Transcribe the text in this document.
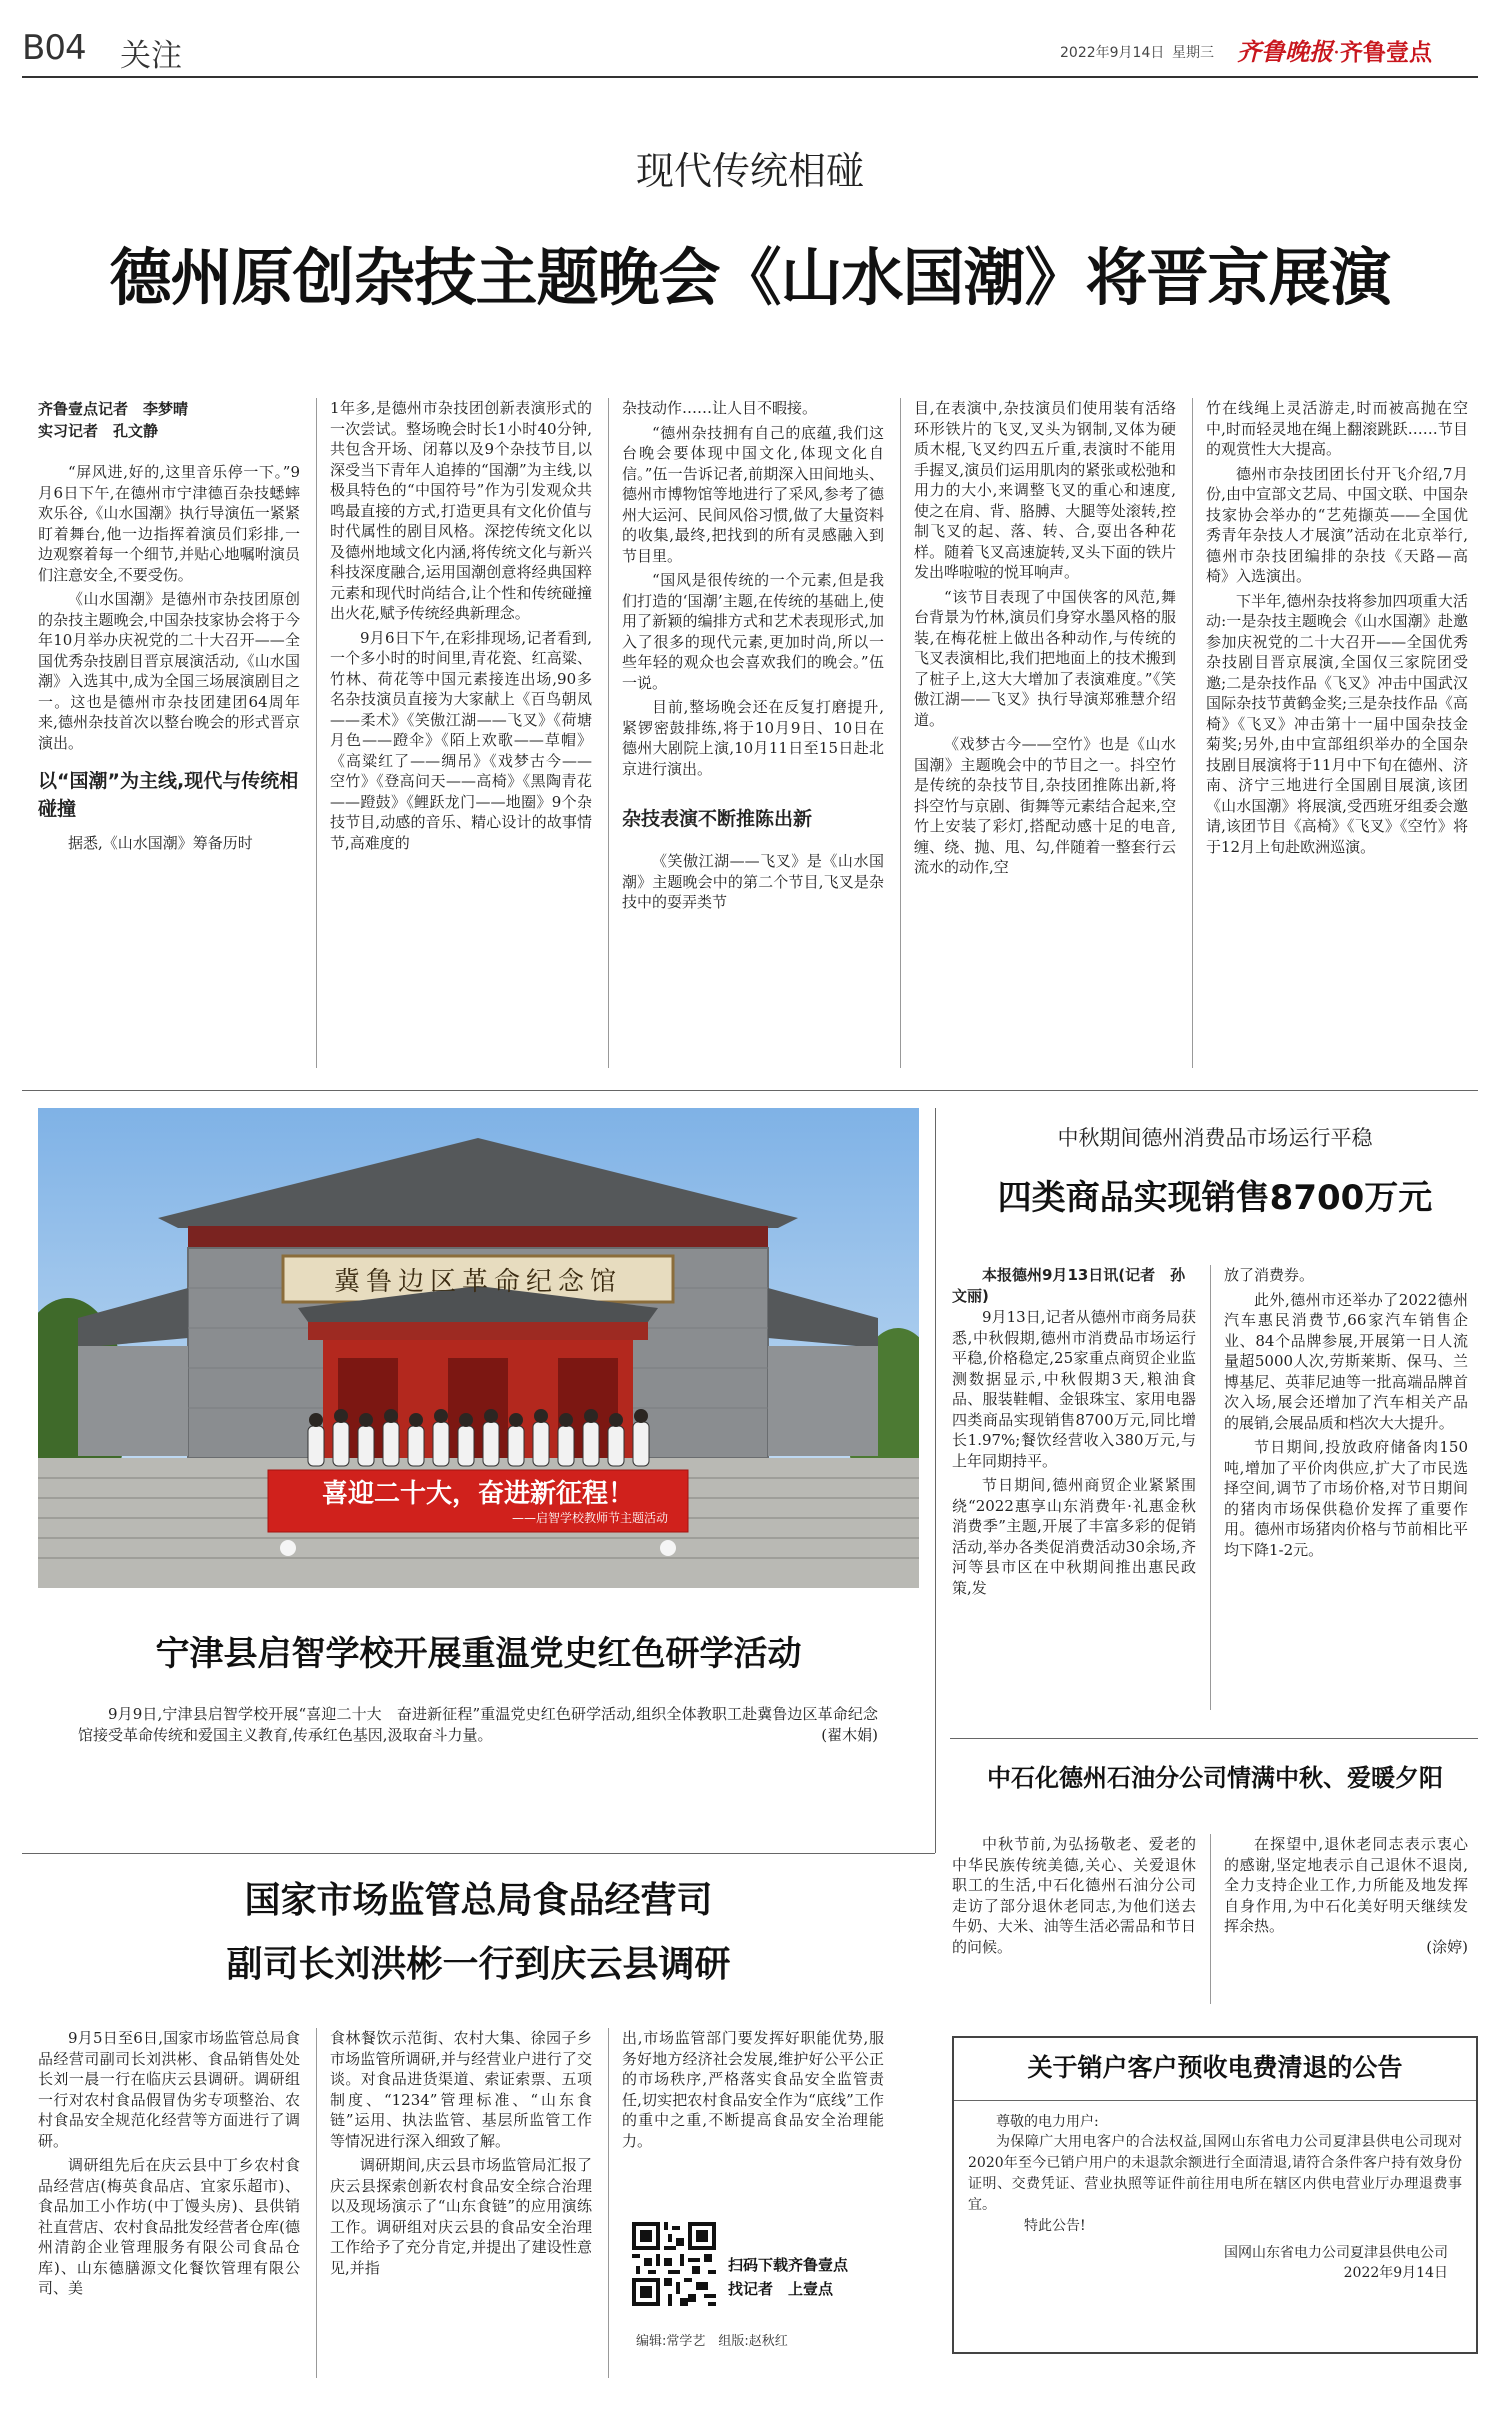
B04 关注	2022年9月14日 星期三 齐鲁晚报·齐鲁壹点
现代传统相碰
德州原创杂技主题晚会《山水国潮》将晋京展演
齐鲁壹点记者　李梦晴
实习记者　孔文静

“屏风进,好的,这里音乐停一下。”9月6日下午,在德州市宁津德百杂技蟋蟀欢乐谷,《山水国潮》执行导演伍一紧紧盯着舞台,他一边指挥着演员们彩排,一边观察着每一个细节,并贴心地嘱咐演员们注意安全,不要受伤。

《山水国潮》是德州市杂技团原创的杂技主题晚会,中国杂技家协会将于今年10月举办庆祝党的二十大召开——全国优秀杂技剧目晋京展演活动,《山水国潮》入选其中,成为全国三场展演剧目之一。这也是德州市杂技团建团64周年来,德州杂技首次以整台晚会的形式晋京演出。

以“国潮”为主线,现代与传统相碰撞

据悉,《山水国潮》筹备历时

1年多,是德州市杂技团创新表演形式的一次尝试。整场晚会时长1小时40分钟,共包含开场、闭幕以及9个杂技节目,以深受当下青年人追捧的“国潮”为主线,以极具特色的“中国符号”作为引发观众共鸣最直接的方式,打造更具有文化价值与时代属性的剧目风格。深挖传统文化以及德州地域文化内涵,将传统文化与新兴科技深度融合,运用国潮创意将经典国粹元素和现代时尚结合,让个性和传统碰撞出火花,赋予传统经典新理念。

9月6日下午,在彩排现场,记者看到,一个多小时的时间里,青花瓷、红高粱、竹林、荷花等中国元素接连出场,90多名杂技演员直接为大家献上《百鸟朝凤——柔术》《笑傲江湖——飞叉》《荷塘月色——蹬伞》《陌上欢歌——草帽》《高粱红了——绸吊》《戏梦古今——空竹》《登高问天——高椅》《黑陶青花——蹬鼓》《鲤跃龙门——地圈》9个杂技节目,动感的音乐、精心设计的故事情节,高难度的

杂技动作……让人目不暇接。

“德州杂技拥有自己的底蕴,我们这台晚会要体现中国文化,体现文化自信。”伍一告诉记者,前期深入田间地头、德州市博物馆等地进行了采风,参考了德州大运河、民间风俗习惯,做了大量资料的收集,最终,把找到的所有灵感融入到节目里。

“国风是很传统的一个元素,但是我们打造的‘国潮’主题,在传统的基础上,使用了新颖的编排方式和艺术表现形式,加入了很多的现代元素,更加时尚,所以一些年轻的观众也会喜欢我们的晚会。”伍一说。

目前,整场晚会还在反复打磨提升,紧锣密鼓排练,将于10月9日、10日在德州大剧院上演,10月11日至15日赴北京进行演出。

杂技表演不断推陈出新

《笑傲江湖——飞叉》是《山水国潮》主题晚会中的第二个节目,飞叉是杂技中的耍弄类节

目,在表演中,杂技演员们使用装有活络环形铁片的飞叉,叉头为钢制,叉体为硬质木棍,飞叉约四五斤重,表演时不能用手握叉,演员们运用肌肉的紧张或松弛和用力的大小,来调整飞叉的重心和速度,使之在肩、背、胳膊、大腿等处滚转,控制飞叉的起、落、转、合,耍出各种花样。随着飞叉高速旋转,叉头下面的铁片发出哗啦啦的悦耳响声。

“该节目表现了中国侠客的风范,舞台背景为竹林,演员们身穿水墨风格的服装,在梅花桩上做出各种动作,与传统的飞叉表演相比,我们把地面上的技术搬到了桩子上,这大大增加了表演难度。”《笑傲江湖——飞叉》执行导演郑雅慧介绍道。

《戏梦古今——空竹》也是《山水国潮》主题晚会中的节目之一。抖空竹是传统的杂技节目,杂技团推陈出新,将抖空竹与京剧、街舞等元素结合起来,空竹上安装了彩灯,搭配动感十足的电音,缠、绕、抛、甩、勾,伴随着一整套行云流水的动作,空

竹在线绳上灵活游走,时而被高抛在空中,时而轻灵地在绳上翻滚跳跃……节目的观赏性大大提高。

德州市杂技团团长付开飞介绍,7月份,由中宣部文艺局、中国文联、中国杂技家协会举办的“艺苑撷英——全国优秀青年杂技人才展演”活动在北京举行,德州市杂技团编排的杂技《天路—高椅》入选演出。

下半年,德州杂技将参加四项重大活动:一是杂技主题晚会《山水国潮》赴邀参加庆祝党的二十大召开——全国优秀杂技剧目晋京展演,全国仅三家院团受邀;二是杂技作品《飞叉》冲击中国武汉国际杂技节黄鹤金奖;三是杂技作品《高椅》《飞叉》冲击第十一届中国杂技金菊奖;另外,由中宣部组织举办的全国杂技剧目展演将于11月中下旬在德州、济南、济宁三地进行全国剧目展演,该团《山水国潮》将展演,受西班牙组委会邀请,该团节目《高椅》《飞叉》《空竹》将于12月上旬赴欧洲巡演。

冀鲁边区革命纪念馆
喜迎二十大，奋进新征程！
——启智学校教师节主题活动
宁津县启智学校开展重温党史红色研学活动

9月9日,宁津县启智学校开展“喜迎二十大　奋进新征程”重温党史红色研学活动,组织全体教职工赴冀鲁边区革命纪念馆接受革命传统和爱国主义教育,传承红色基因,汲取奋斗力量。	(翟木娟)
中秋期间德州消费品市场运行平稳
四类商品实现销售8700万元
本报德州9月13日讯(记者　孙文丽)

9月13日,记者从德州市商务局获悉,中秋假期,德州市消费品市场运行平稳,价格稳定,25家重点商贸企业监测数据显示,中秋假期3天,粮油食品、服装鞋帽、金银珠宝、家用电器四类商品实现销售8700万元,同比增长1.97%;餐饮经营收入380万元,与上年同期持平。

节日期间,德州商贸企业紧紧围绕“2022惠享山东消费年·礼惠金秋消费季”主题,开展了丰富多彩的促销活动,举办各类促消费活动30余场,齐河等县市区在中秋期间推出惠民政策,发

放了消费券。

此外,德州市还举办了2022德州汽车惠民消费节,66家汽车销售企业、84个品牌参展,开展第一日人流量超5000人次,劳斯莱斯、保马、兰博基尼、英菲尼迪等一批高端品牌首次入场,展会还增加了汽车相关产品的展销,会展品质和档次大大提升。

节日期间,投放政府储备肉150吨,增加了平价肉供应,扩大了市民选择空间,调节了市场价格,对节日期间的猪肉市场保供稳价发挥了重要作用。德州市场猪肉价格与节前相比平均下降1-2元。

中石化德州石油分公司情满中秋、爱暖夕阳

中秋节前,为弘扬敬老、爱老的中华民族传统美德,关心、关爱退休职工的生活,中石化德州石油分公司走访了部分退休老同志,为他们送去牛奶、大米、油等生活必需品和节日的问候。

在探望中,退休老同志表示衷心的感谢,坚定地表示自己退休不退岗,全力支持企业工作,力所能及地发挥自身作用,为中石化美好明天继续发挥余热。

(涂婷)
国家市场监管总局食品经营司
副司长刘洪彬一行到庆云县调研

9月5日至6日,国家市场监管总局食品经营司副司长刘洪彬、食品销售处处长刘一晨一行在临庆云县调研。调研组一行对农村食品假冒伪劣专项整治、农村食品安全规范化经营等方面进行了调研。

调研组先后在庆云县中丁乡农村食品经营店(梅英食品店、宜家乐超市)、食品加工小作坊(中丁馒头房)、县供销社直营店、农村食品批发经营者仓库(德州清韵企业管理服务有限公司食品仓库)、山东德膳源文化餐饮管理有限公司、美

食林餐饮示范街、农村大集、徐园子乡市场监管所调研,并与经营业户进行了交谈。对食品进货渠道、索证索票、五项制度、“1234”管理标准、“山东食链”运用、执法监管、基层所监管工作等情况进行深入细致了解。

调研期间,庆云县市场监管局汇报了庆云县探索创新农村食品安全综合治理以及现场演示了“山东食链”的应用演练工作。调研组对庆云县的食品安全治理工作给予了充分肯定,并提出了建设性意见,并指

出,市场监管部门要发挥好职能优势,服务好地方经济社会发展,维护好公平公正的市场秩序,严格落实食品安全监管责任,切实把农村食品安全作为“底线”工作的重中之重,不断提高食品安全治理能力。

扫码下载齐鲁壹点
找记者　上壹点
编辑:常学艺　组版:赵秋红
关于销户客户预收电费清退的公告
尊敬的电力用户:

为保障广大用电客户的合法权益,国网山东省电力公司夏津县供电公司现对2020年至今已销户用户的未退款余额进行全面清退,请符合条件客户持有效身份证明、交费凭证、营业执照等证件前往用电所在辖区内供电营业厅办理退费事宜。

特此公告!
国网山东省电力公司夏津县供电公司
2022年9月14日
